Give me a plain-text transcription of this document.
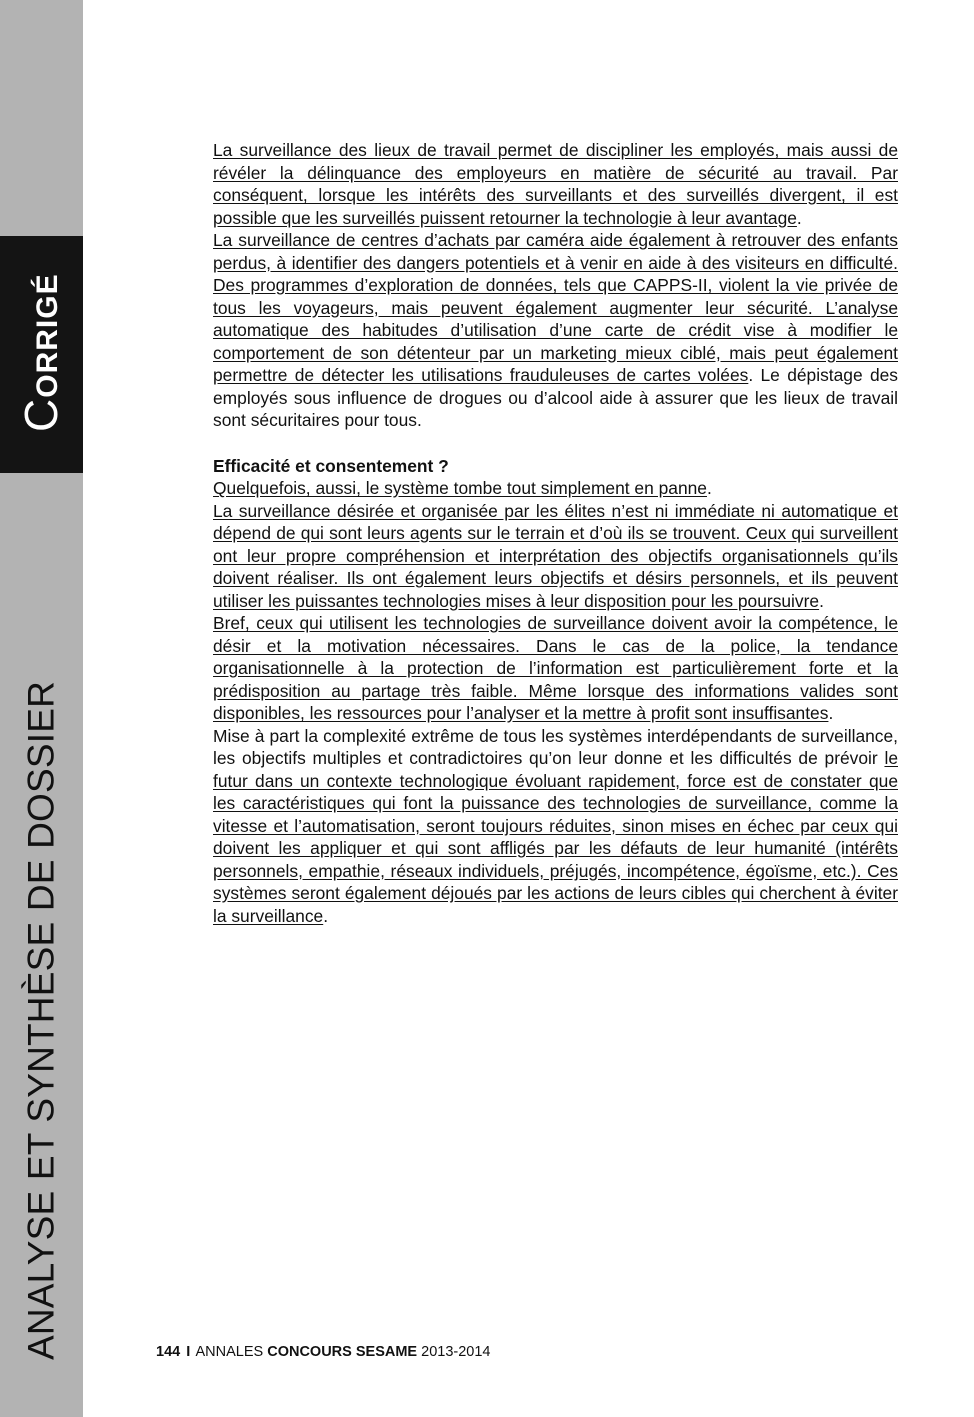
CORRIGÉ
ANALYSE ET SYNTHÈSE DE DOSSIER

La surveillance des lieux de travail permet de discipliner les employés, mais aussi de révéler la délinquance des employeurs en matière de sécurité au travail. Par conséquent, lorsque les intérêts des surveillants et des surveillés divergent, il est possible que les surveillés puissent retourner la technologie à leur avantage.

La surveillance de centres d’achats par caméra aide également à retrouver des enfants perdus, à identifier des dangers potentiels et à venir en aide à des visiteurs en difficulté. Des programmes d’exploration de données, tels que CAPPS-II, violent la vie privée de tous les voyageurs, mais peuvent également augmenter leur sécurité. L’analyse automatique des habitudes d’utilisation d’une carte de crédit vise à modifier le comportement de son détenteur par un marketing mieux ciblé, mais peut également permettre de détecter les utilisations frauduleuses de cartes volées. Le dépistage des employés sous influence de drogues ou d’alcool aide à assurer que les lieux de travail sont sécuritaires pour tous.

Efficacité et consentement ?

Quelquefois, aussi, le système tombe tout simplement en panne.

La surveillance désirée et organisée par les élites n’est ni immédiate ni automatique et dépend de qui sont leurs agents sur le terrain et d’où ils se trouvent. Ceux qui surveillent ont leur propre compréhension et interprétation des objectifs organisationnels qu’ils doivent réaliser. Ils ont également leurs objectifs et désirs personnels, et ils peuvent utiliser les puissantes technologies mises à leur disposition pour les poursuivre.

Bref, ceux qui utilisent les technologies de surveillance doivent avoir la compétence, le désir et la motivation nécessaires. Dans le cas de la police, la tendance organisationnelle à la protection de l’information est particulièrement forte et la prédisposition au partage très faible. Même lorsque des informations valides sont disponibles, les ressources pour l’analyser et la mettre à profit sont insuffisantes.

Mise à part la complexité extrême de tous les systèmes interdépendants de surveillance, les objectifs multiples et contradictoires qu’on leur donne et les difficultés de prévoir le futur dans un contexte technologique évoluant rapidement, force est de constater que les caractéristiques qui font la puissance des technologies de surveillance, comme la vitesse et l’automatisation, seront toujours réduites, sinon mises en échec par ceux qui doivent les appliquer et qui sont affligés par les défauts de leur humanité (intérêts personnels, empathie, réseaux individuels, préjugés, incompétence, égoïsme, etc.). Ces systèmes seront également déjoués par les actions de leurs cibles qui cherchent à éviter la surveillance.

144 I ANNALES CONCOURS SESAME 2013-2014
